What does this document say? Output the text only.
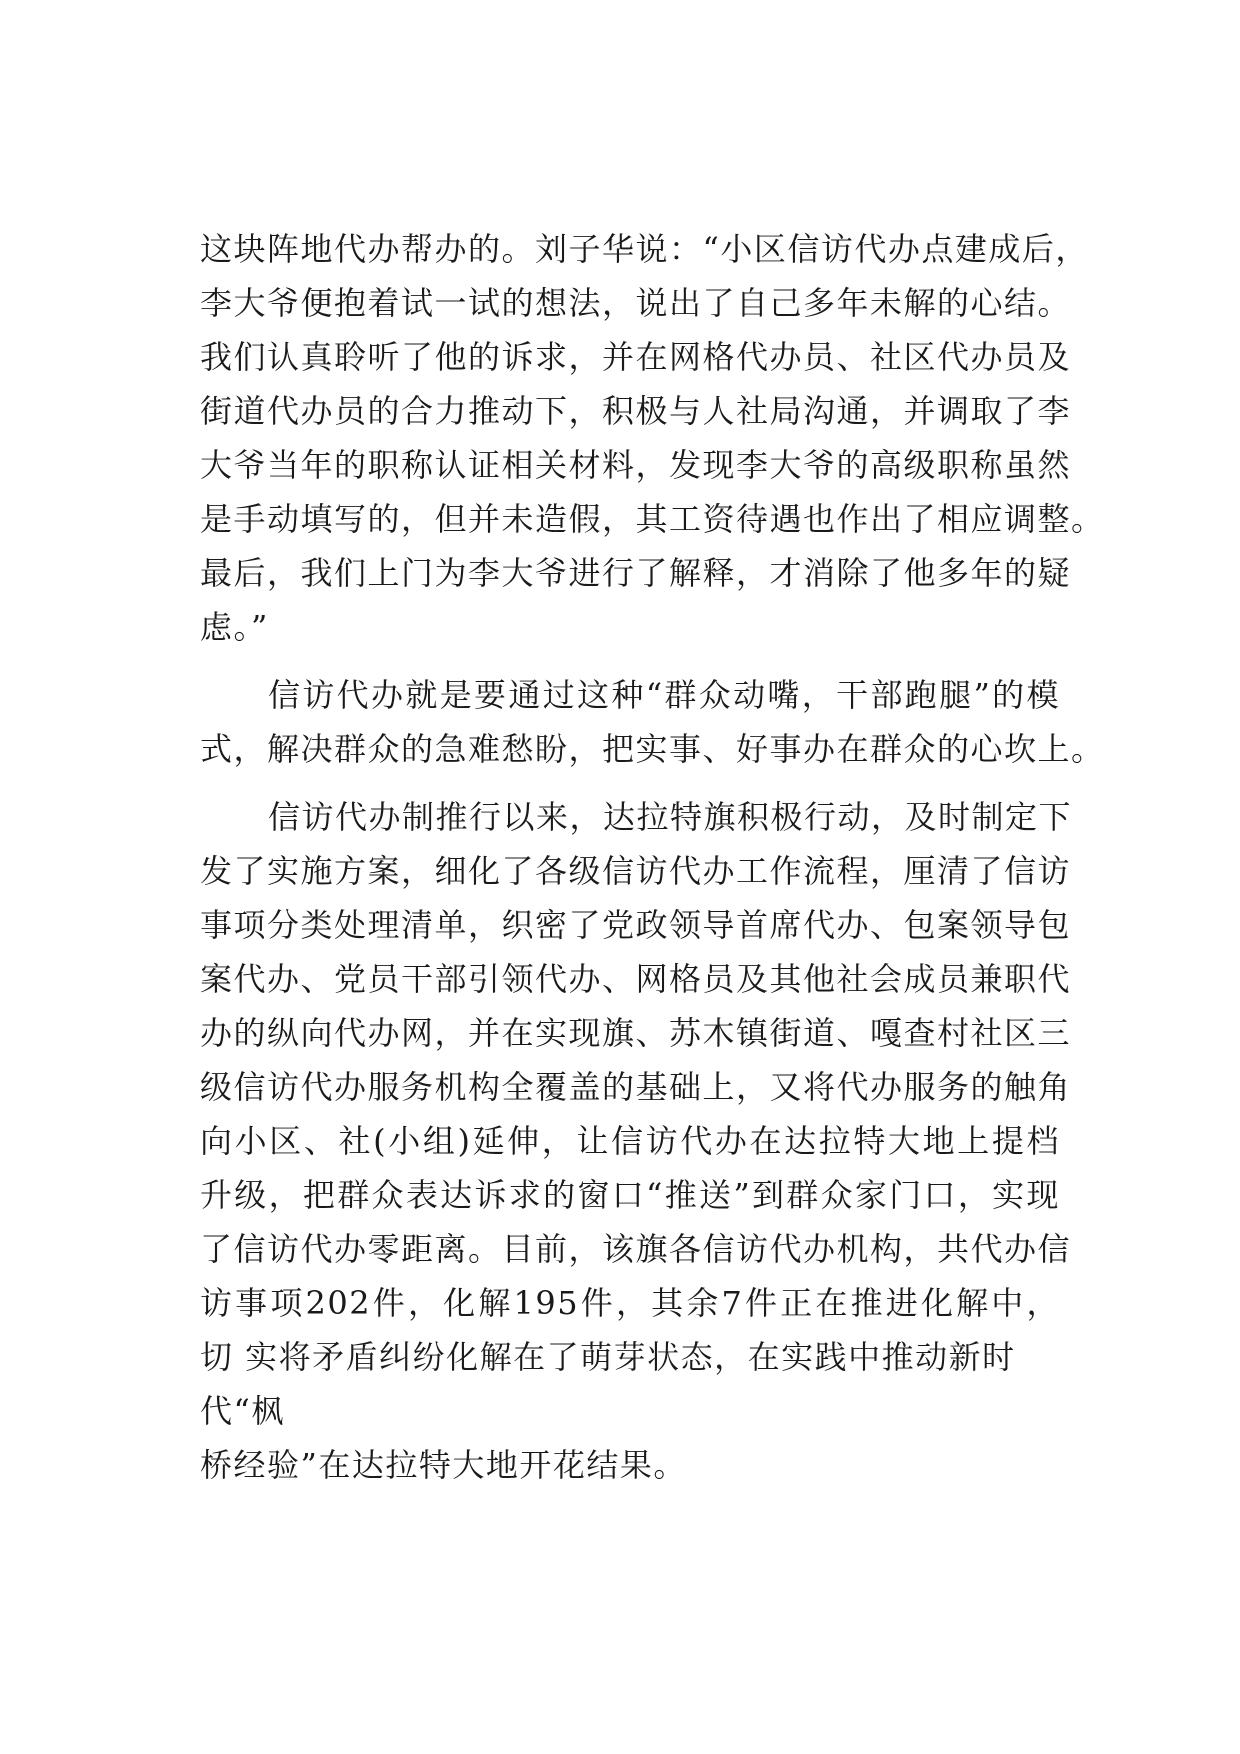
这块阵地代办帮办的。刘子华说：“小区信访代办点建成后，
李大爷便抱着试一试的想法，说出了自己多年未解的心结。
我们认真聆听了他的诉求，并在网格代办员、社区代办员及
街道代办员的合力推动下，积极与人社局沟通，并调取了李
大爷当年的职称认证相关材料，发现李大爷的高级职称虽然
是手动填写的，但并未造假，其工资待遇也作出了相应调整。
最后，我们上门为李大爷进行了解释，才消除了他多年的疑
虑。”
信访代办就是要通过这种“群众动嘴，干部跑腿”的模
式，解决群众的急难愁盼，把实事、好事办在群众的心坎上。
信访代办制推行以来，达拉特旗积极行动，及时制定下
发了实施方案，细化了各级信访代办工作流程，厘清了信访
事项分类处理清单，织密了党政领导首席代办、包案领导包
案代办、党员干部引领代办、网格员及其他社会成员兼职代
办的纵向代办网，并在实现旗、苏木镇街道、嘎查村社区三
级信访代办服务机构全覆盖的基础上，又将代办服务的触角
向小区、社(小组)延伸，让信访代办在达拉特大地上提档
升级，把群众表达诉求的窗口“推送”到群众家门口，实现
了信访代办零距离。目前，该旗各信访代办机构，共代办信
访事项202件，化解195件，其余7件正在推进化解中，
切 实将矛盾纠纷化解在了萌芽状态，在实践中推动新时
代“枫
桥经验”在达拉特大地开花结果。
